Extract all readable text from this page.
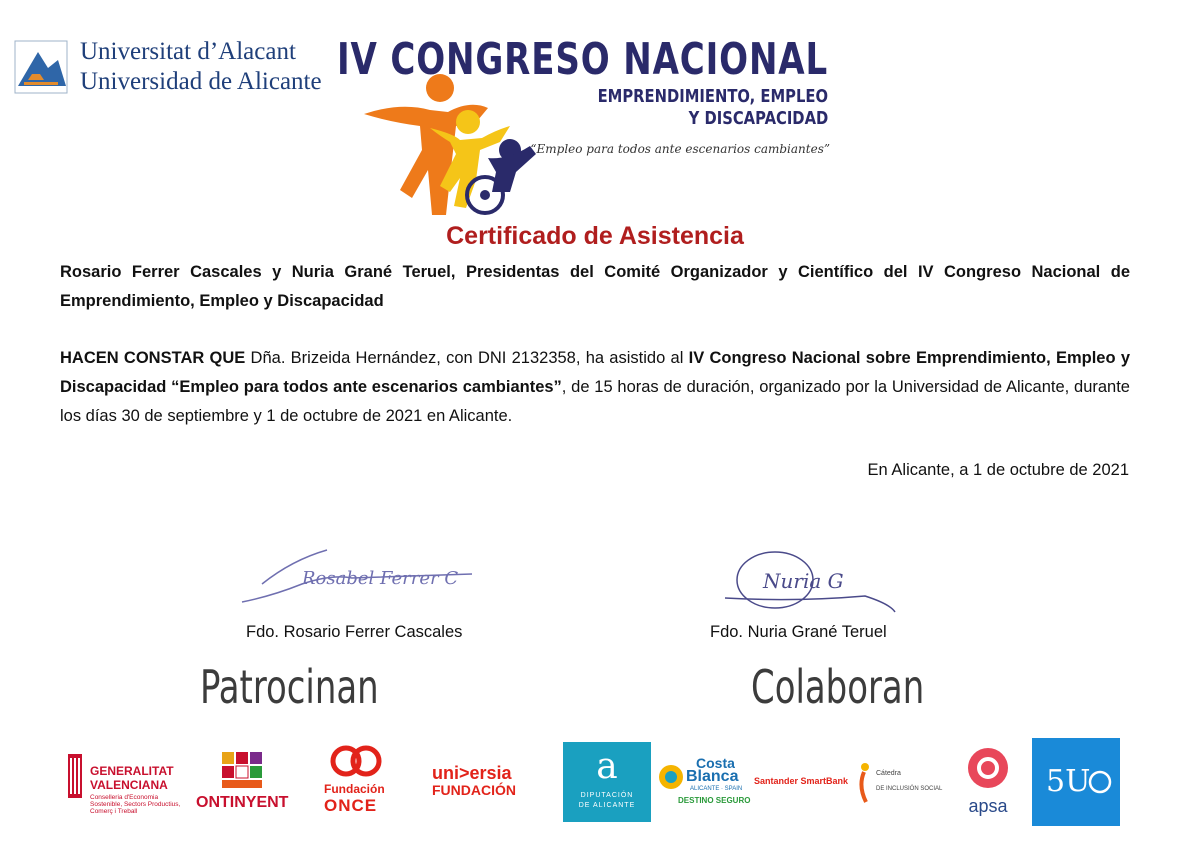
Universitat d’Alacant
Universidad de Alicante IV CONGRESO NACIONAL
EMPRENDIMIENTO, EMPLEO
Y DISCAPACIDAD
“Empleo para todos ante escenarios cambiantes”
Certificado de Asistencia
Rosario Ferrer Cascales y Nuria Grané Teruel, Presidentas del Comité Organizador y Científico del IV Congreso Nacional de Emprendimiento, Empleo y Discapacidad
HACEN CONSTAR QUE Dña. Brizeida Hernández, con DNI 2132358, ha asistido al IV Congreso Nacional sobre Emprendimiento, Empleo y Discapacidad “Empleo para todos ante escenarios cambiantes”, de 15 horas de duración, organizado por la Universidad de Alicante, durante los días 30 de septiembre y 1 de octubre de 2021 en Alicante.
En Alicante, a 1 de octubre de 2021
Rosabel Ferrer C
Fdo. Rosario Ferrer Cascales
Nuria G
Fdo. Nuria Grané Teruel
Patrocinan	Colaboran
GENERALITAT
VALENCIANA
Conselleria d'Economia
Sostenible, Sectors Productius,
Comerç i Treball
ONTINYENT
Fundación
ONCE
uni>ersia
FUNDACIÓN
a
DIPUTACIÓN
DE ALICANTE
Costa
Blanca
ALICANTE · SPAIN
DESTINO SEGURO
Santander SmartBank
Cátedra
DE INCLUSIÓN SOCIAL
apsa
5U
